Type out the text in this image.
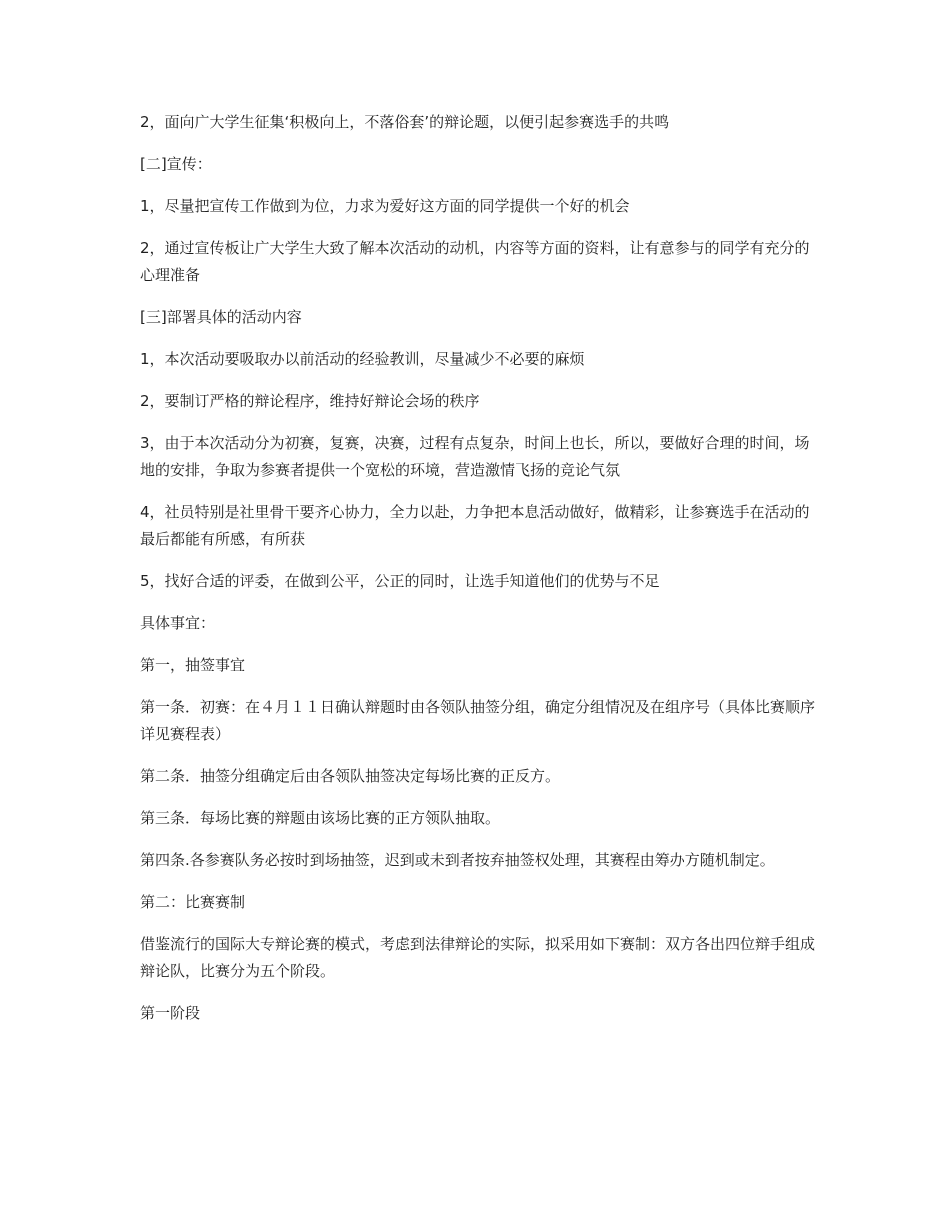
2，面向广大学生征集‘积极向上，不落俗套’的辩论题，以便引起参赛选手的共鸣

[二]宣传：

1，尽量把宣传工作做到为位，力求为爱好这方面的同学提供一个好的机会

2，通过宣传板让广大学生大致了解本次活动的动机，内容等方面的资料，让有意参与的同学有充分的心理准备

[三]部署具体的活动内容

1，本次活动要吸取办以前活动的经验教训，尽量减少不必要的麻烦

2，要制订严格的辩论程序，维持好辩论会场的秩序

3，由于本次活动分为初赛，复赛，决赛，过程有点复杂，时间上也长，所以，要做好合理的时间，场地的安排，争取为参赛者提供一个宽松的环境，营造激情飞扬的竞论气氛

4，社员特别是社里骨干要齐心协力，全力以赴，力争把本息活动做好，做精彩，让参赛选手在活动的最后都能有所感，有所获

5，找好合适的评委，在做到公平，公正的同时，让选手知道他们的优势与不足

具体事宜：

第一，抽签事宜

第一条．初赛：在４月１１日确认辩题时由各领队抽签分组，确定分组情况及在组序号（具体比赛顺序详见赛程表）

第二条．抽签分组确定后由各领队抽签决定每场比赛的正反方。

第三条．每场比赛的辩题由该场比赛的正方领队抽取。

第四条.各参赛队务必按时到场抽签，迟到或未到者按弃抽签权处理，其赛程由筹办方随机制定。

第二：比赛赛制

借鉴流行的国际大专辩论赛的模式，考虑到法律辩论的实际，拟采用如下赛制：双方各出四位辩手组成辩论队，比赛分为五个阶段。

第一阶段
